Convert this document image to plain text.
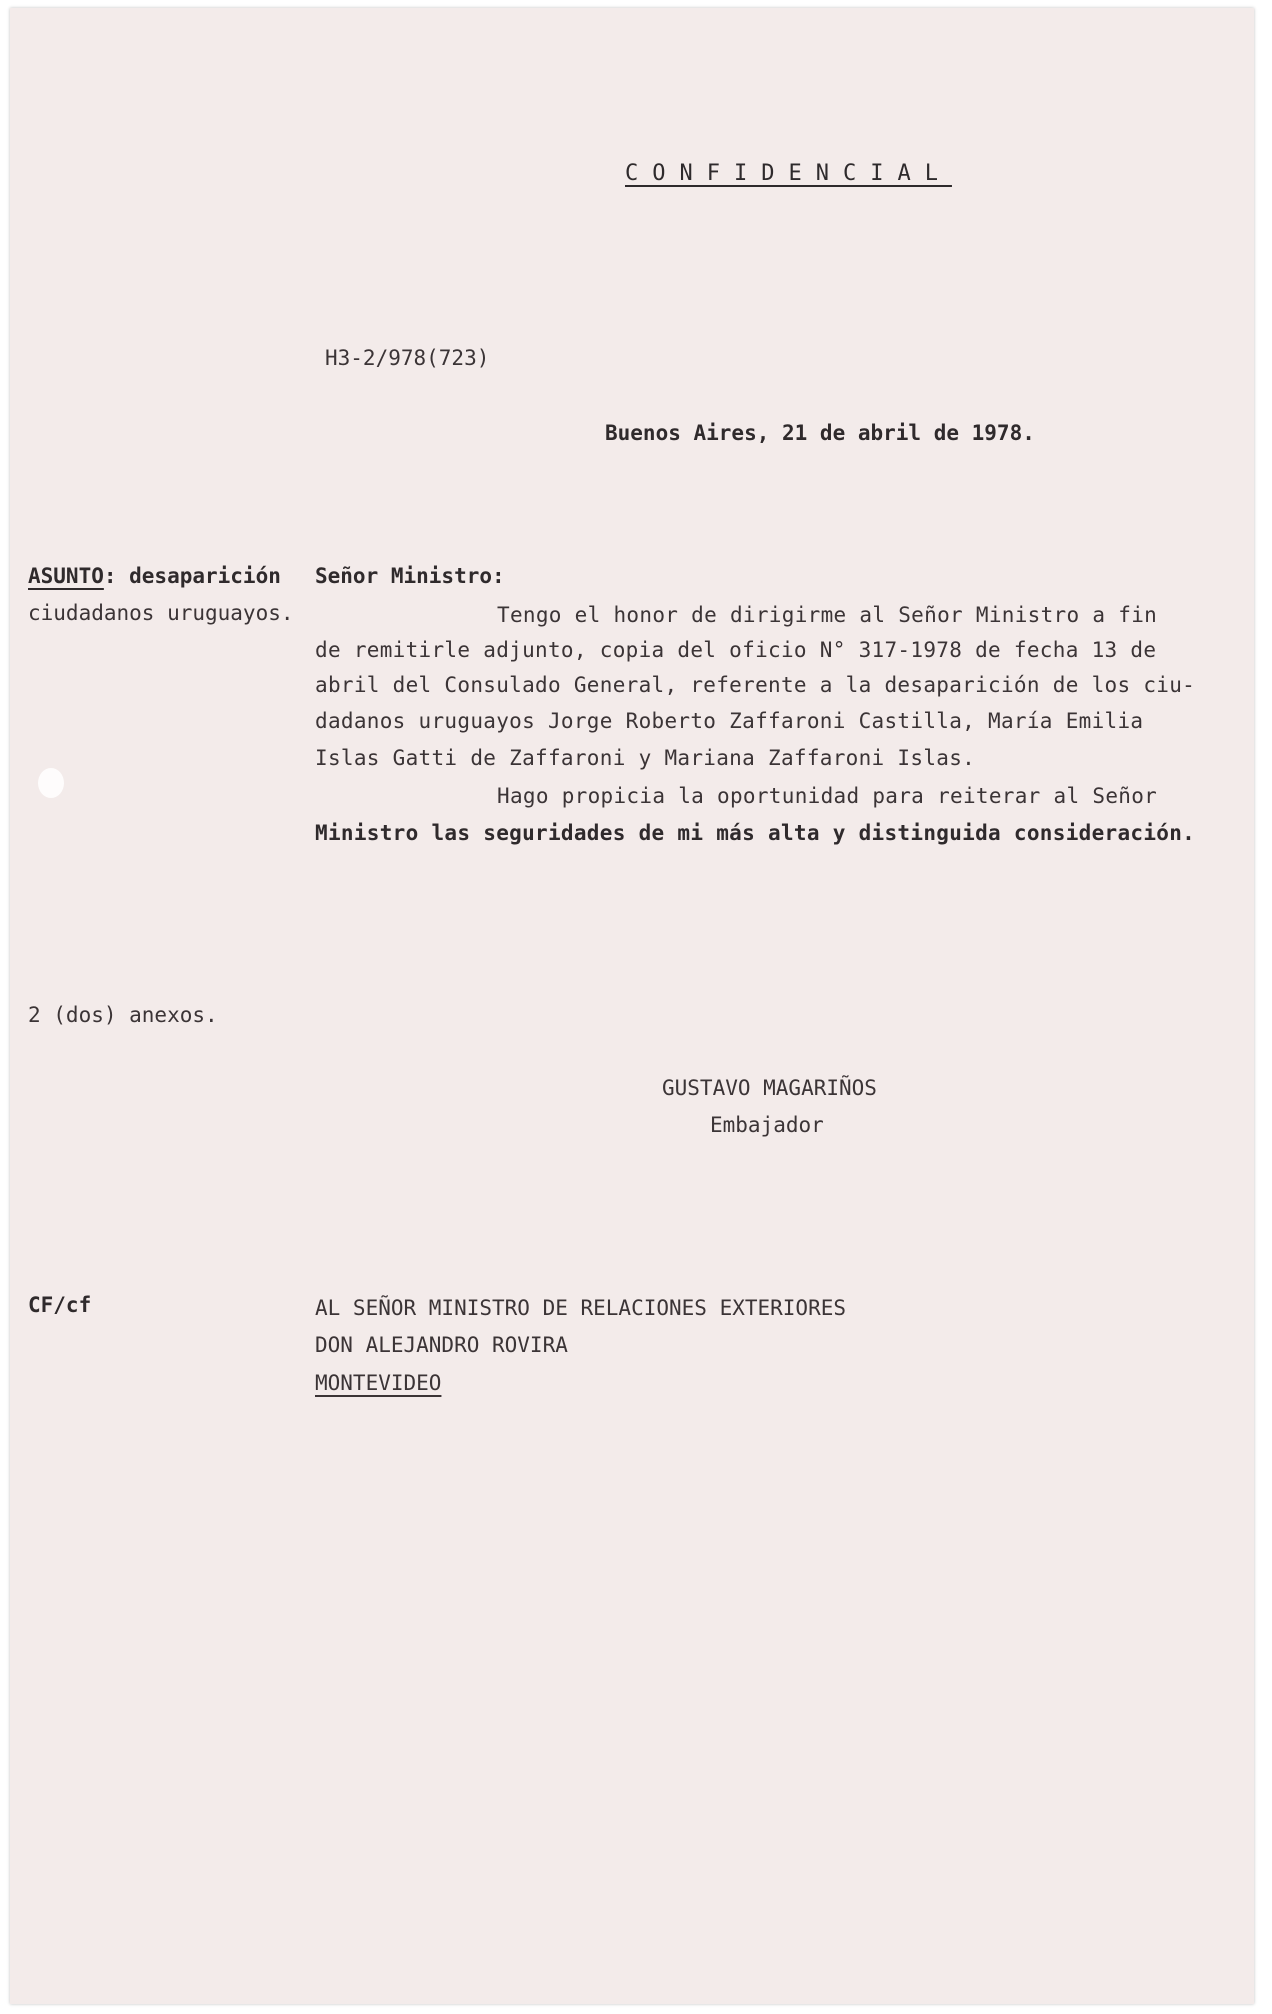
CONFIDENCIAL
H3-2/978(723)
Buenos Aires, 21 de abril de 1978.
ASUNTO: desaparición
ciudadanos uruguayos.
Señor Ministro:
Tengo el honor de dirigirme al Señor Ministro a fin
de remitirle adjunto, copia del oficio N° 317-1978 de fecha 13 de
abril del Consulado General, referente a la desaparición de los ciu-
dadanos uruguayos Jorge Roberto Zaffaroni Castilla, María Emilia
Islas Gatti de Zaffaroni y Mariana Zaffaroni Islas.
Hago propicia la oportunidad para reiterar al Señor
Ministro las seguridades de mi más alta y distinguida consideración.
2 (dos) anexos.
GUSTAVO MAGARIÑOS
Embajador
CF/cf	AL SEÑOR MINISTRO DE RELACIONES EXTERIORES
DON ALEJANDRO ROVIRA
MONTEVIDEO
